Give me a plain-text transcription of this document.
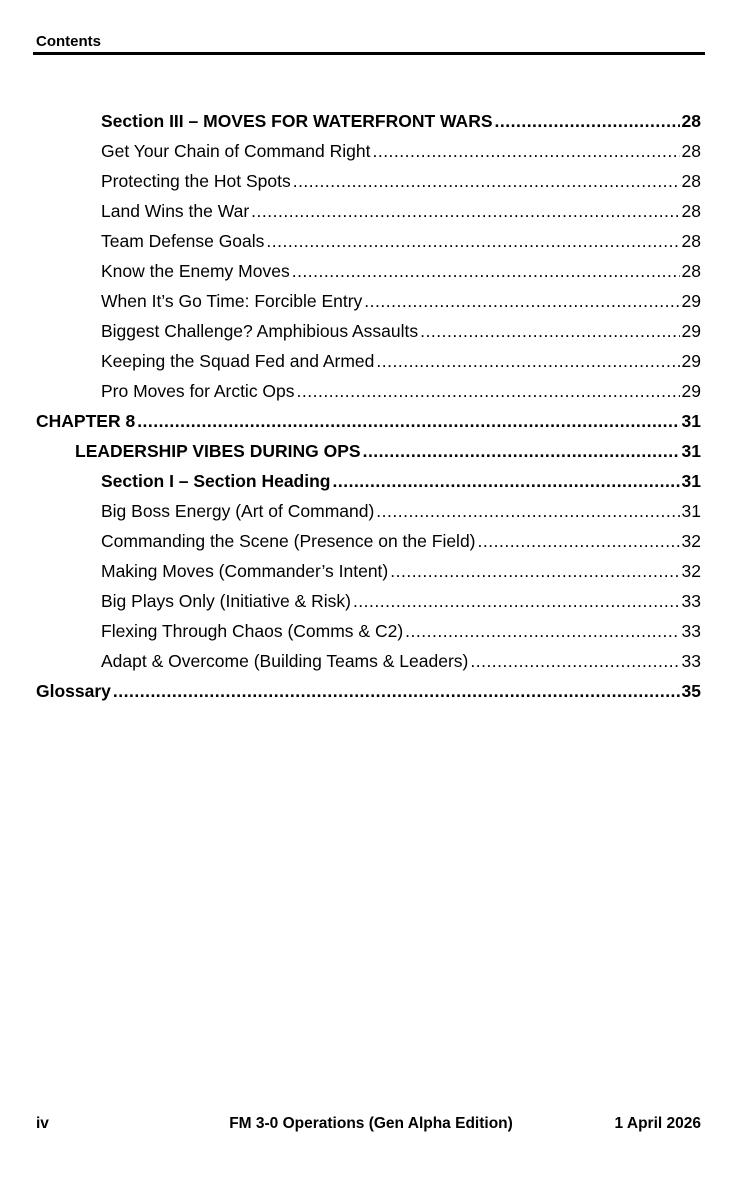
Contents
Section III – MOVES FOR WATERFRONT WARS .....	28
Get Your Chain of Command Right .....	28
Protecting the Hot Spots .....	28
Land Wins the War .....	28
Team Defense Goals .....	28
Know the Enemy Moves .....	28
When It’s Go Time: Forcible Entry .....	29
Biggest Challenge? Amphibious Assaults .....	29
Keeping the Squad Fed and Armed .....	29
Pro Moves for Arctic Ops .....	29
CHAPTER 8 .....	31
LEADERSHIP VIBES DURING OPS .....	31
Section I – Section Heading .....	31
Big Boss Energy (Art of Command) .....	31
Commanding the Scene (Presence on the Field) .....	32
Making Moves (Commander’s Intent) .....	32
Big Plays Only (Initiative & Risk) .....	33
Flexing Through Chaos (Comms & C2) .....	33
Adapt & Overcome (Building Teams & Leaders) .....	33
Glossary .....	35
iv	FM 3-0 Operations (Gen Alpha Edition)	1 April 2026
